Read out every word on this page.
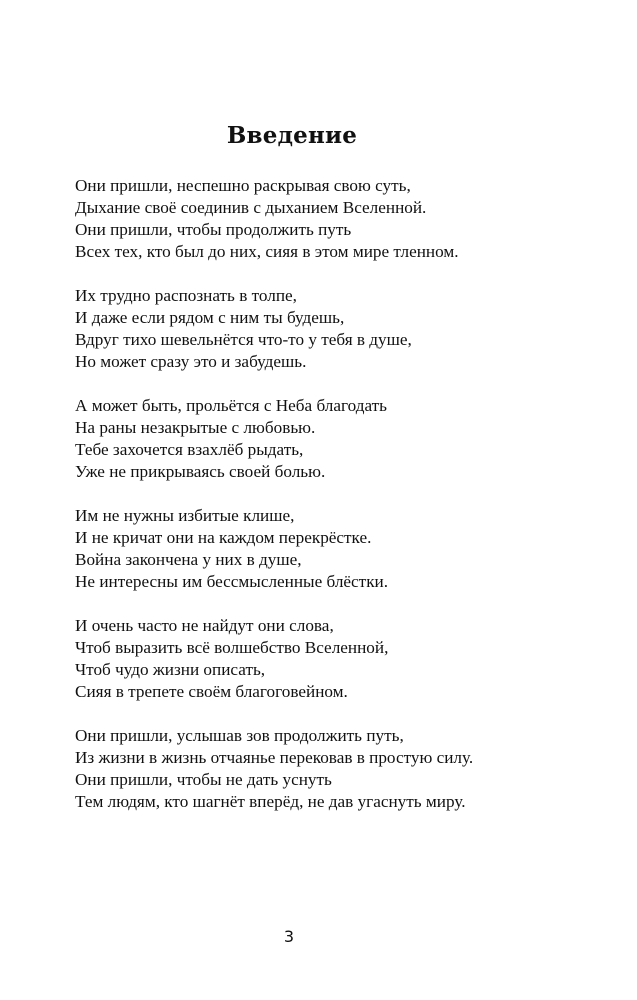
Введение
Они пришли, неспешно раскрывая свою суть,
Дыхание своё соединив с дыханием Вселенной.
Они пришли, чтобы продолжить путь
Всех тех, кто был до них, сияя в этом мире тленном.
Их трудно распознать в толпе,
И даже если рядом с ним ты будешь,
Вдруг тихо шевельнётся что-то у тебя в душе,
Но может сразу это и забудешь.
А может быть, прольётся с Неба благодать
На раны незакрытые с любовью.
Тебе захочется взахлёб рыдать,
Уже не прикрываясь своей болью.
Им не нужны избитые клише,
И не кричат они на каждом перекрёстке.
Война закончена у них в душе,
Не интересны им бессмысленные блёстки.
И очень часто не найдут они слова,
Чтоб выразить всё волшебство Вселенной,
Чтоб чудо жизни описать,
Сияя в трепете своём благоговейном.
Они пришли, услышав зов продолжить путь,
Из жизни в жизнь отчаянье перековав в простую силу.
Они пришли, чтобы не дать уснуть
Тем людям, кто шагнёт вперёд, не дав угаснуть миру.
3
